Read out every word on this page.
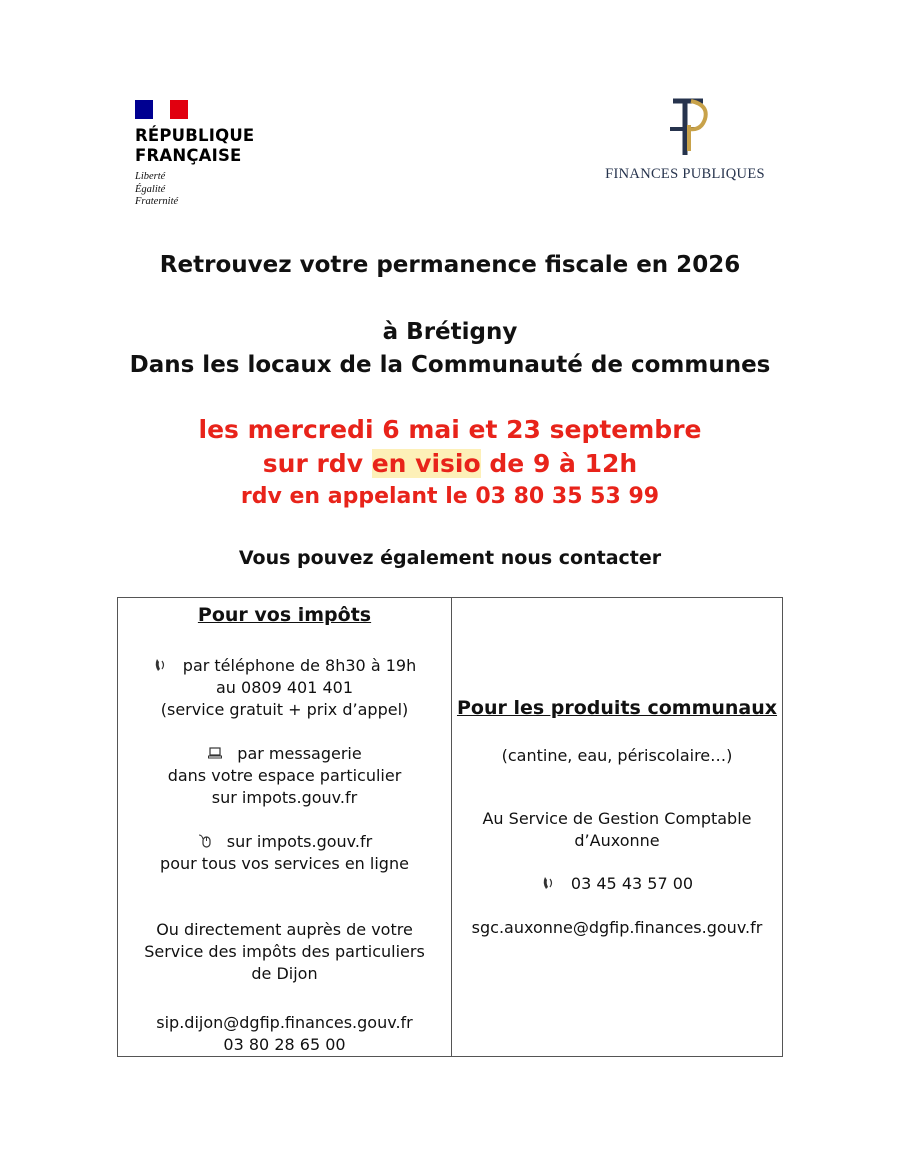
RÉPUBLIQUE
FRANÇAISE
Liberté
Égalité
Fraternité
FINANCES PUBLIQUES
Retrouvez votre permanence fiscale en 2026
à Brétigny
Dans les locaux de la Communauté de communes
les mercredi 6 mai et 23 septembre
sur rdv en visio de 9 à 12h
rdv en appelant le 03 80 35 53 99
Vous pouvez également nous contacter
Pour vos impôts
par téléphone de 8h30 à 19h
au 0809 401 401
(service gratuit + prix d’appel)
par messagerie
dans votre espace particulier
sur impots.gouv.fr
sur impots.gouv.fr
pour tous vos services en ligne
Ou directement auprès de votre
Service des impôts des particuliers
de Dijon
sip.dijon@dgfip.finances.gouv.fr
03 80 28 65 00
Pour les produits communaux
(cantine, eau, périscolaire…)
Au Service de Gestion Comptable
d’Auxonne
03 45 43 57 00
sgc.auxonne@dgfip.finances.gouv.fr
